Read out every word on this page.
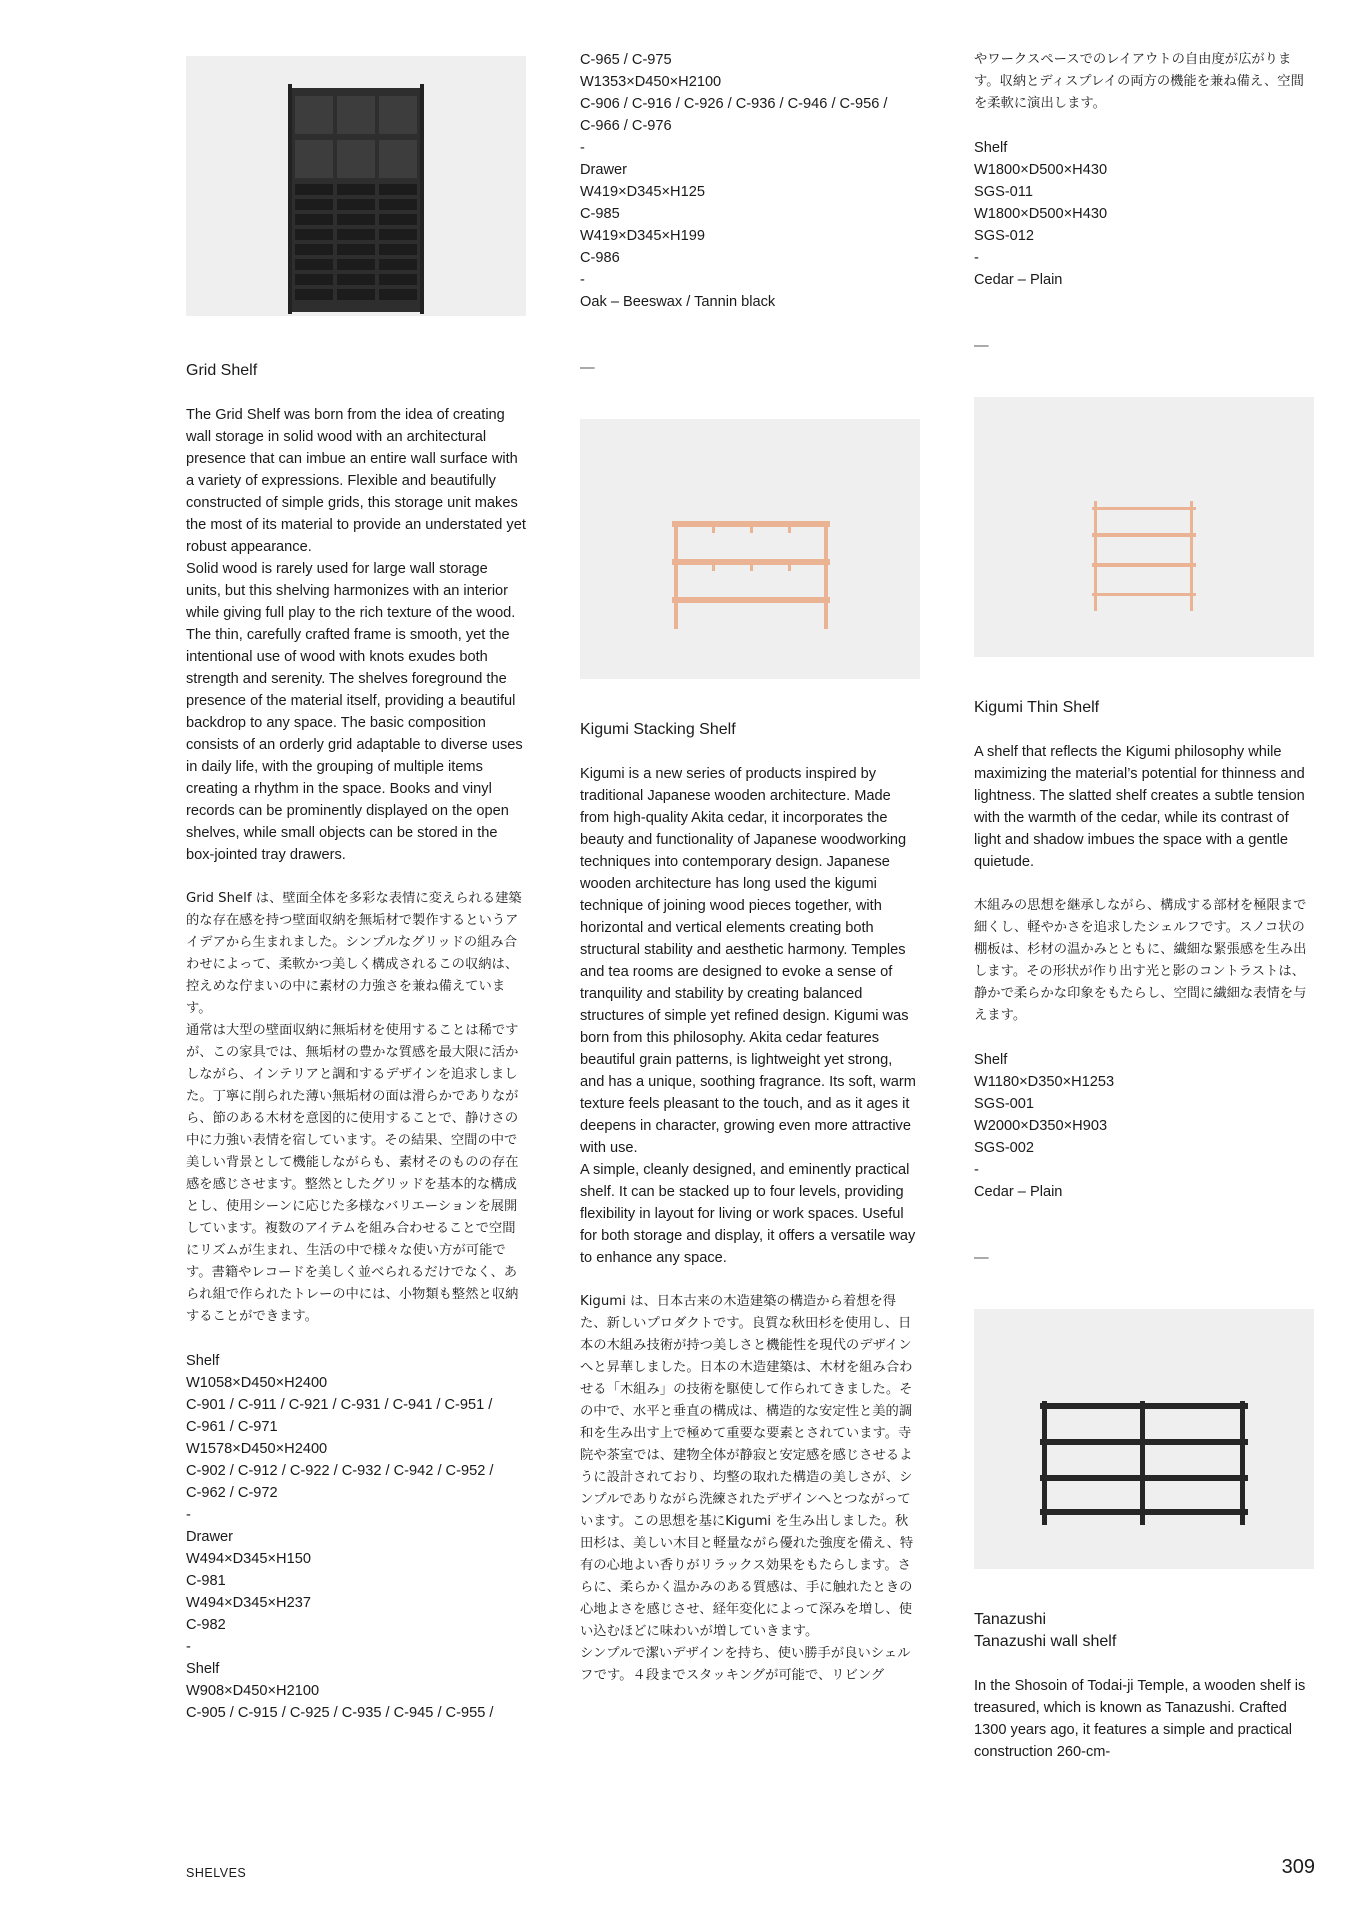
Grid Shelf

The Grid Shelf was born from the idea of creating wall storage in solid wood with an architectural presence that can imbue an entire wall surface with a variety of expressions. Flexible and beautifully constructed of simple grids, this storage unit makes the most of its material to provide an understated yet robust appearance.

Solid wood is rarely used for large wall storage units, but this shelving harmonizes with an interior while giving full play to the rich texture of the wood. The thin, carefully crafted frame is smooth, yet the intentional use of wood with knots exudes both strength and serenity. The shelves foreground the presence of the material itself, providing a beautiful backdrop to any space. The basic composition consists of an orderly grid adaptable to diverse uses in daily life, with the grouping of multiple items creating a rhythm in the space. Books and vinyl records can be prominently displayed on the open shelves, while small objects can be stored in the box-jointed tray drawers.

Grid Shelf は、壁面全体を多彩な表情に変えられる建築的な存在感を持つ壁面収納を無垢材で製作するというアイデアから生まれました。シンプルなグリッドの組み合わせによって、柔軟かつ美しく構成されるこの収納は、控えめな佇まいの中に素材の力強さを兼ね備えています。

通常は大型の壁面収納に無垢材を使用することは稀ですが、この家具では、無垢材の豊かな質感を最大限に活かしながら、インテリアと調和するデザインを追求しました。丁寧に削られた薄い無垢材の面は滑らかでありながら、節のある木材を意図的に使用することで、静けさの中に力強い表情を宿しています。その結果、空間の中で美しい背景として機能しながらも、素材そのものの存在感を感じさせます。整然としたグリッドを基本的な構成とし、使用シーンに応じた多様なバリエーションを展開しています。複数のアイテムを組み合わせることで空間にリズムが生まれ、生活の中で様々な使い方が可能です。書籍やレコードを美しく並べられるだけでなく、あられ組で作られたトレーの中には、小物類も整然と収納することができます。

Shelf
W1058×D450×H2400
C-901 / C-911 / C-921 / C-931 / C-941 / C-951 /
C-961 / C-971
W1578×D450×H2400
C-902 / C-912 / C-922 / C-932 / C-942 / C-952 /
C-962 / C-972
-
Drawer
W494×D345×H150
C-981
W494×D345×H237
C-982
-
Shelf
W908×D450×H2100
C-905 / C-915 / C-925 / C-935 / C-945 / C-955 /
C-965 / C-975
W1353×D450×H2100
C-906 / C-916 / C-926 / C-936 / C-946 / C-956 /
C-966 / C-976
-
Drawer
W419×D345×H125
C-985
W419×D345×H199
C-986
-
Oak – Beeswax / Tannin black
—
Kigumi Stacking Shelf

Kigumi is a new series of products inspired by traditional Japanese wooden architecture. Made from high-quality Akita cedar, it incorporates the beauty and functionality of Japanese woodworking techniques into contemporary design. Japanese wooden architecture has long used the kigumi technique of joining wood pieces together, with horizontal and vertical elements creating both structural stability and aesthetic harmony. Temples and tea rooms are designed to evoke a sense of tranquility and stability by creating balanced structures of simple yet refined design. Kigumi was born from this philosophy. Akita cedar features beautiful grain patterns, is lightweight yet strong, and has a unique, soothing fragrance. Its soft, warm texture feels pleasant to the touch, and as it ages it deepens in character, growing even more attractive with use.

A simple, cleanly designed, and eminently practical shelf. It can be stacked up to four levels, providing flexibility in layout for living or work spaces. Useful for both storage and display, it offers a versatile way to enhance any space.

Kigumi は、日本古来の木造建築の構造から着想を得た、新しいプロダクトです。良質な秋田杉を使用し、日本の木組み技術が持つ美しさと機能性を現代のデザインへと昇華しました。日本の木造建築は、木材を組み合わせる「木組み」の技術を駆使して作られてきました。その中で、水平と垂直の構成は、構造的な安定性と美的調和を生み出す上で極めて重要な要素とされています。寺院や茶室では、建物全体が静寂と安定感を感じさせるように設計されており、均整の取れた構造の美しさが、シンプルでありながら洗練されたデザインへとつながっています。この思想を基にKigumi を生み出しました。秋田杉は、美しい木目と軽量ながら優れた強度を備え、特有の心地よい香りがリラックス効果をもたらします。さらに、柔らかく温かみのある質感は、手に触れたときの心地よさを感じさせ、経年変化によって深みを増し、使い込むほどに味わいが増していきます。

シンプルで潔いデザインを持ち、使い勝手が良いシェルフです。４段までスタッキングが可能で、リビング

やワークスペースでのレイアウトの自由度が広がります。収納とディスプレイの両方の機能を兼ね備え、空間を柔軟に演出します。

Shelf
W1800×D500×H430
SGS-011
W1800×D500×H430
SGS-012
-
Cedar – Plain
—
Kigumi Thin Shelf

A shelf that reflects the Kigumi philosophy while maximizing the material’s potential for thinness and lightness. The slatted shelf creates a subtle tension with the warmth of the cedar, while its contrast of light and shadow imbues the space with a gentle quietude.

木組みの思想を継承しながら、構成する部材を極限まで細くし、軽やかさを追求したシェルフです。スノコ状の棚板は、杉材の温かみとともに、繊細な緊張感を生み出します。その形状が作り出す光と影のコントラストは、静かで柔らかな印象をもたらし、空間に繊細な表情を与えます。

Shelf
W1180×D350×H1253
SGS-001
W2000×D350×H903
SGS-002
-
Cedar – Plain
—
Tanazushi
Tanazushi wall shelf

In the Shosoin of Todai-ji Temple, a wooden shelf is treasured, which is known as Tanazushi. Crafted 1300 years ago, it features a simple and practical construction 260-cm-

SHELVES	309
